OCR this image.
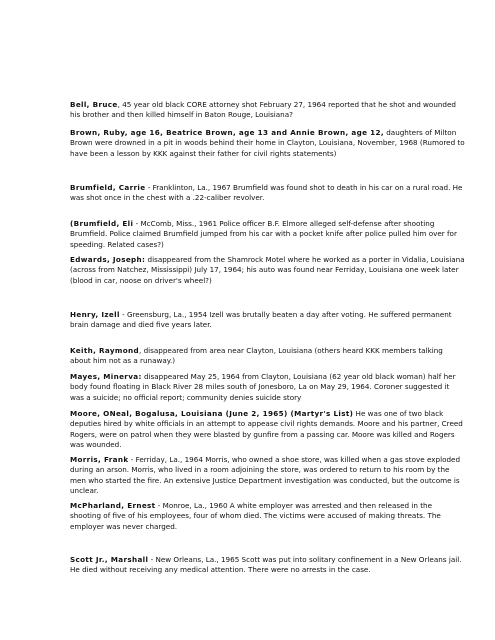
Bell, Bruce, 45 year old black CORE attorney shot February 27, 1964 reported that he shot and wounded his brother and then killed himself in Baton Rouge, Louisiana?

Brown, Ruby, age 16, Beatrice Brown, age 13 and Annie Brown, age 12, daughters of Milton Brown were drowned in a pit in woods behind their home in Clayton, Louisiana, November, 1968 (Rumored to have been a lesson by KKK against their father for civil rights statements)

Brumfield, Carrie - Franklinton, La., 1967 Brumfield was found shot to death in his car on a rural road. He was shot once in the chest with a .22-caliber revolver.

(Brumfield, Eli - McComb, Miss., 1961 Police officer B.F. Elmore alleged self-defense after shooting Brumfield. Police claimed Brumfield jumped from his car with a pocket knife after police pulled him over for speeding. Related cases?)

Edwards, Joseph: disappeared from the Shamrock Motel where he worked as a porter in Vidalia, Louisiana (across from Natchez, Mississippi) July 17, 1964; his auto was found near Ferriday, Louisiana one week later (blood in car, noose on driver's wheel?)

Henry, Izell - Greensburg, La., 1954 Izell was brutally beaten a day after voting. He suffered permanent brain damage and died five years later.

Keith, Raymond, disappeared from area near Clayton, Louisiana (others heard KKK members talking about him not as a runaway.)

Mayes, Minerva: disappeared May 25, 1964 from Clayton, Louisiana (62 year old black woman) half her body found floating in Black River 28 miles south of Jonesboro, La on May 29, 1964. Coroner suggested it was a suicide; no official report; community denies suicide story

Moore, ONeal, Bogalusa, Louisiana (June 2, 1965) (Martyr's List) He was one of two black deputies hired by white officials in an attempt to appease civil rights demands. Moore and his partner, Creed Rogers, were on patrol when they were blasted by gunfire from a passing car. Moore was killed and Rogers was wounded.

Morris, Frank - Ferriday, La., 1964 Morris, who owned a shoe store, was killed when a gas stove exploded during an arson. Morris, who lived in a room adjoining the store, was ordered to return to his room by the men who started the fire. An extensive Justice Department investigation was conducted, but the outcome is unclear.

McPharland, Ernest - Monroe, La., 1960 A white employer was arrested and then released in the shooting of five of his employees, four of whom died. The victims were accused of making threats. The employer was never charged.

Scott Jr., Marshall - New Orleans, La., 1965 Scott was put into solitary confinement in a New Orleans jail. He died without receiving any medical attention. There were no arrests in the case.
